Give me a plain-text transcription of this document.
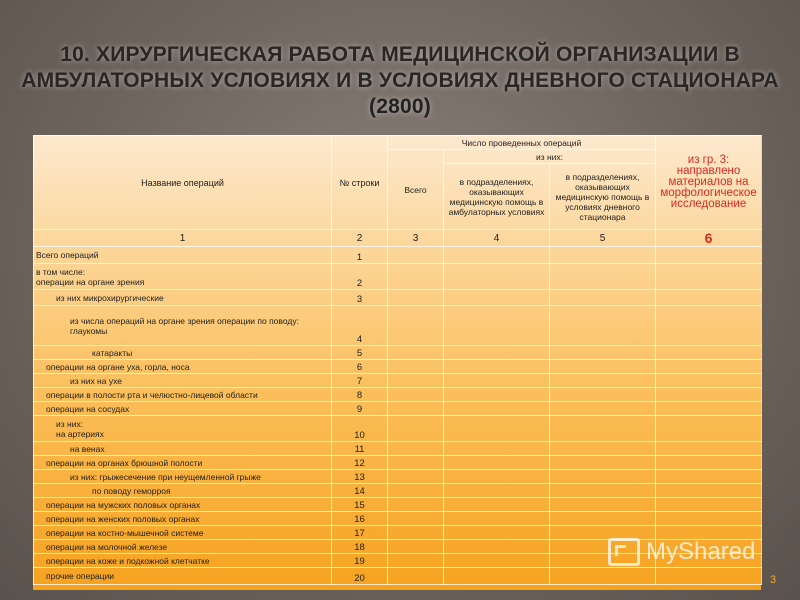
10. ХИРУРГИЧЕСКАЯ РАБОТА МЕДИЦИНСКОЙ ОРГАНИЗАЦИИ В
АМБУЛАТОРНЫХ УСЛОВИЯХ И В УСЛОВИЯХ ДНЕВНОГО СТАЦИОНАРА
(2800)
Название операций	№ строки	Число проведенных операций			из гр. 3: направлено материалов на морфологическое исследование
		Всего	из них:		
			в подразделениях, оказывающих медицинскую помощь в амбулаторных условиях	в подразделениях, оказывающих медицинскую помощь в условиях дневного стационара	
1	2	3	4	5	6
Всего операций	1				
в том числе:
операции на органе зрения	2				
из них микрохирургические	3				
из числа операций на органе зрения операции по поводу:
глаукомы	4				
катаракты	5				
операции на органе уха, горла, носа	6				
из них на ухе	7				
операции в полости рта и челюстно-лицевой области	8				
операции на сосудах	9				
из них:
на артериях	10				
на венах	11				
операции на органах брюшной полости	12				
из них: грыжесечение при неущемленной грыже	13				
по поводу геморроя	14				
операции на мужских половых органах	15				
операции на женских половых органах	16				
операции на костно-мышечной системе	17				
операции на молочной железе	18				
операции на коже и подкожной клетчатке	19				
прочие операции	20				
MyShared
3
